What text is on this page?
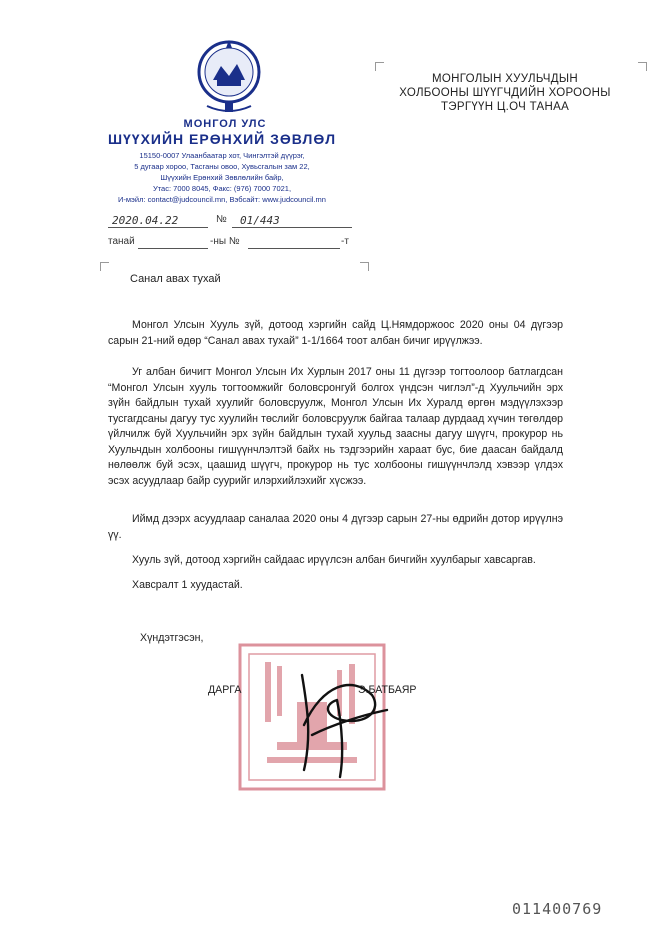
МОНГОЛ УЛС
ШҮҮХИЙН ЕРӨНХИЙ ЗӨВЛӨЛ
15150-0007 Улаанбаатар хот, Чингэлтэй дүүрэг,
5 дугаар хороо, Тасганы овоо, Хувьсгалын зам 22,
Шүүхийн Ерөнхий Зөвлөлийн байр,
Утас: 7000 8045, Факс: (976) 7000 7021,
И-мэйл: contact@judcouncil.mn, Вэбсайт: www.judcouncil.mn
2020.04.22	№ 01/443
танай	-ны №	-т
МОНГОЛЫН ХУУЛЬЧДЫН
ХОЛБООНЫ ШҮҮГЧДИЙН ХОРООНЫ
ТЭРГҮҮН Ц.ОЧ ТАНАА
Санал авах тухай
Монгол Улсын Хууль зүй, дотоод хэргийн сайд Ц.Нямдоржоос 2020 оны 04 дүгээр сарын 21-ний өдөр “Санал авах тухай” 1-1/1664 тоот албан бичиг ирүүлжээ.
Уг албан бичигт Монгол Улсын Их Хурлын 2017 оны 11 дүгээр тогтоолоор батлагдсан “Монгол Улсын хууль тогтоомжийг боловсронгуй болгох үндсэн чиглэл”-д Хуульчийн эрх зүйн байдлын тухай хуулийг боловсруулж, Монгол Улсын Их Хуралд өргөн мэдүүлэхээр тусгагдсаны дагуу тус хуулийн төслийг боловсруулж байгаа талаар дурдаад хүчин төгөлдөр үйлчилж буй Хуульчийн эрх зүйн байдлын тухай хуульд заасны дагуу шүүгч, прокурор нь Хуульчдын холбооны гишүүнчлэлтэй байх нь тэдгээрийн хараат бус, бие даасан байдалд нөлөөлж буй эсэх, цаашид шүүгч, прокурор нь тус холбооны гишүүнчлэлд хэвээр үлдэх эсэх асуудлаар байр суурийг илэрхийлэхийг хүсжээ.
Иймд дээрх асуудлаар саналаа 2020 оны 4 дүгээр сарын 27-ны өдрийн дотор ирүүлнэ үү.
Хууль зүй, дотоод хэргийн сайдаас ирүүлсэн албан бичгийн хуулбарыг хавсаргав.
Хавсралт 1 хуудастай.
Хүндэтгэсэн,
ДАРГА	Э.БАТБАЯР
011400769
